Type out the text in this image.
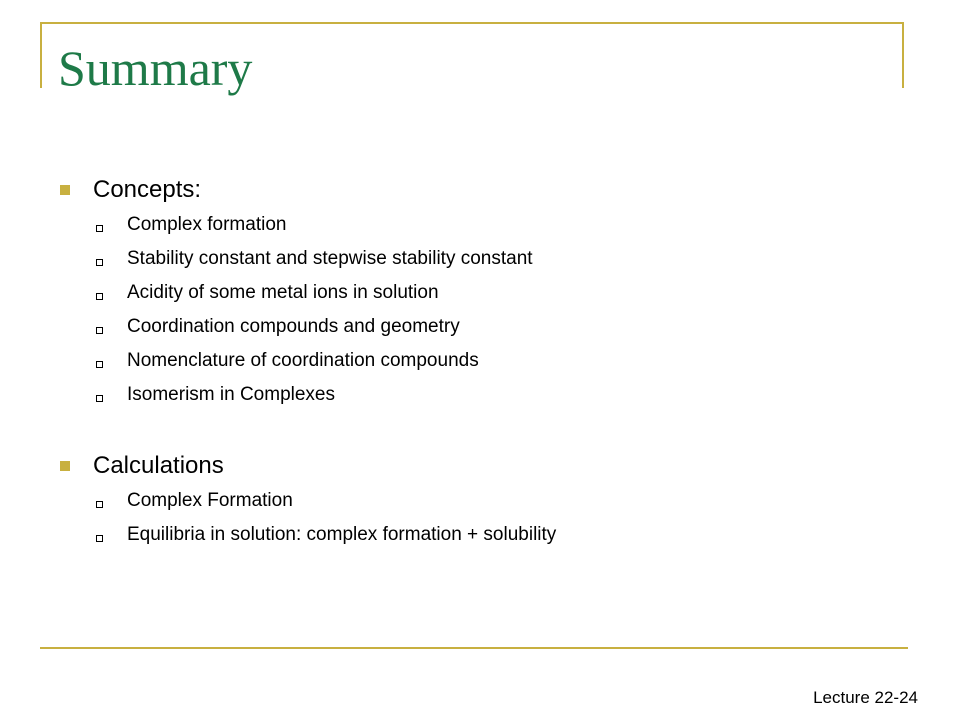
Summary
Concepts:
Complex formation
Stability constant and stepwise stability constant
Acidity of some metal ions in solution
Coordination compounds and geometry
Nomenclature of coordination compounds
Isomerism in Complexes
Calculations
Complex Formation
Equilibria in solution: complex formation + solubility
Lecture 22-24
